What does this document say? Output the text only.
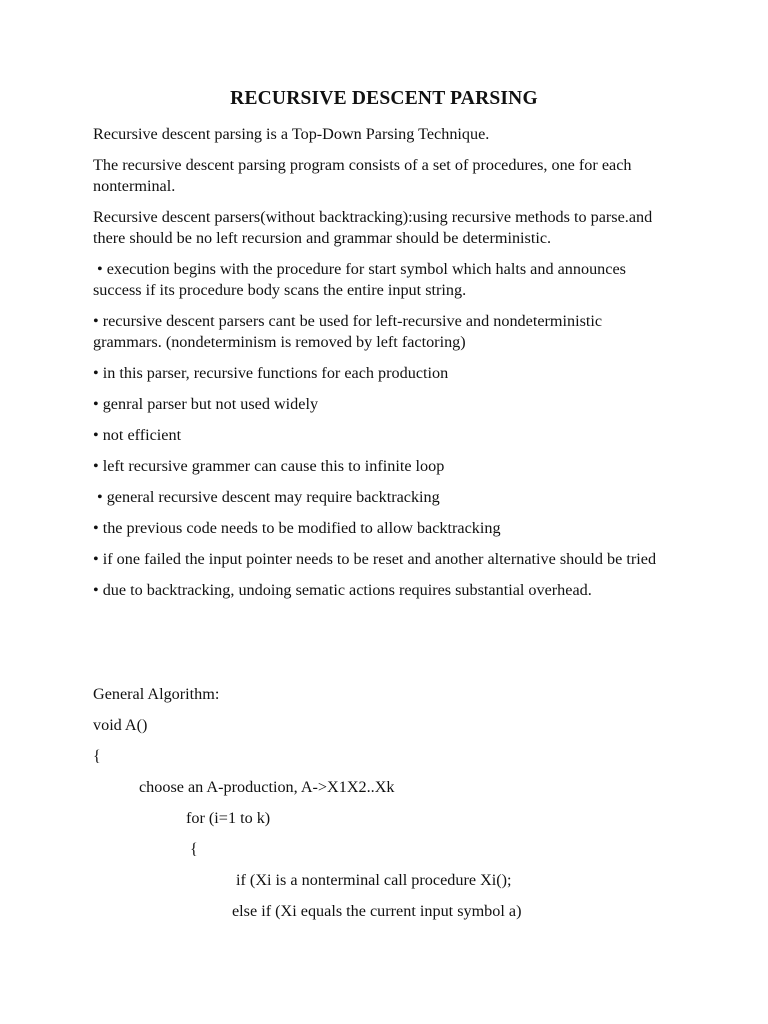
RECURSIVE DESCENT PARSING

Recursive descent parsing is a Top-Down Parsing Technique.

The recursive descent parsing program consists of a set of procedures, one for each nonterminal.

Recursive descent parsers(without backtracking):using recursive methods to parse.and there should be no left recursion and grammar should be deterministic.

• execution begins with the procedure for start symbol which halts and announces success if its procedure body scans the entire input string.

• recursive descent parsers cant be used for left-recursive and nondeterministic grammars. (nondeterminism is removed by left factoring)

• in this parser, recursive functions for each production

• genral parser but not used widely

• not efficient

• left recursive grammer can cause this to infinite loop

• general recursive descent may require backtracking

• the previous code needs to be modified to allow backtracking

• if one failed the input pointer needs to be reset and another alternative should be tried

• due to backtracking, undoing sematic actions requires substantial overhead.

General Algorithm:
void A()
{
choose an A-production, A->X1X2..Xk
for (i=1 to k)
{
if (Xi is a nonterminal call procedure Xi();
else if (Xi equals the current input symbol a)
